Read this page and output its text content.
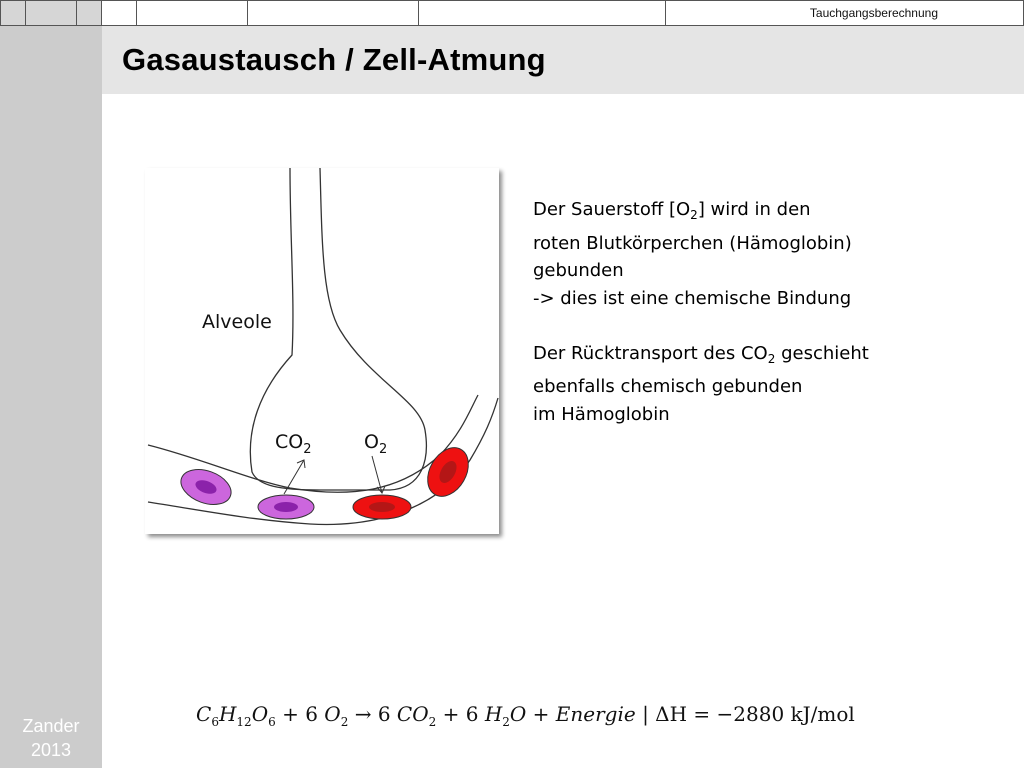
Tauchgangsberechnung
Gasaustausch / Zell-Atmung
Alveole
$CO_2$	$O_2$

Der Sauerstoff $[O_2]$ wird in den
roten Blutkörperchen (Hämoglobin)
gebunden
-> dies ist eine chemische Bindung

Der Rücktransport des $CO_2$ geschieht
ebenfalls chemisch gebunden
im Hämoglobin

$C_6H_{12}O_6 + 6$ $O_2 \to 6$ $CO_2 + 6$ $H_2O$ + Energie | ΔH = −2880 kJ/mol
Zander
2013
